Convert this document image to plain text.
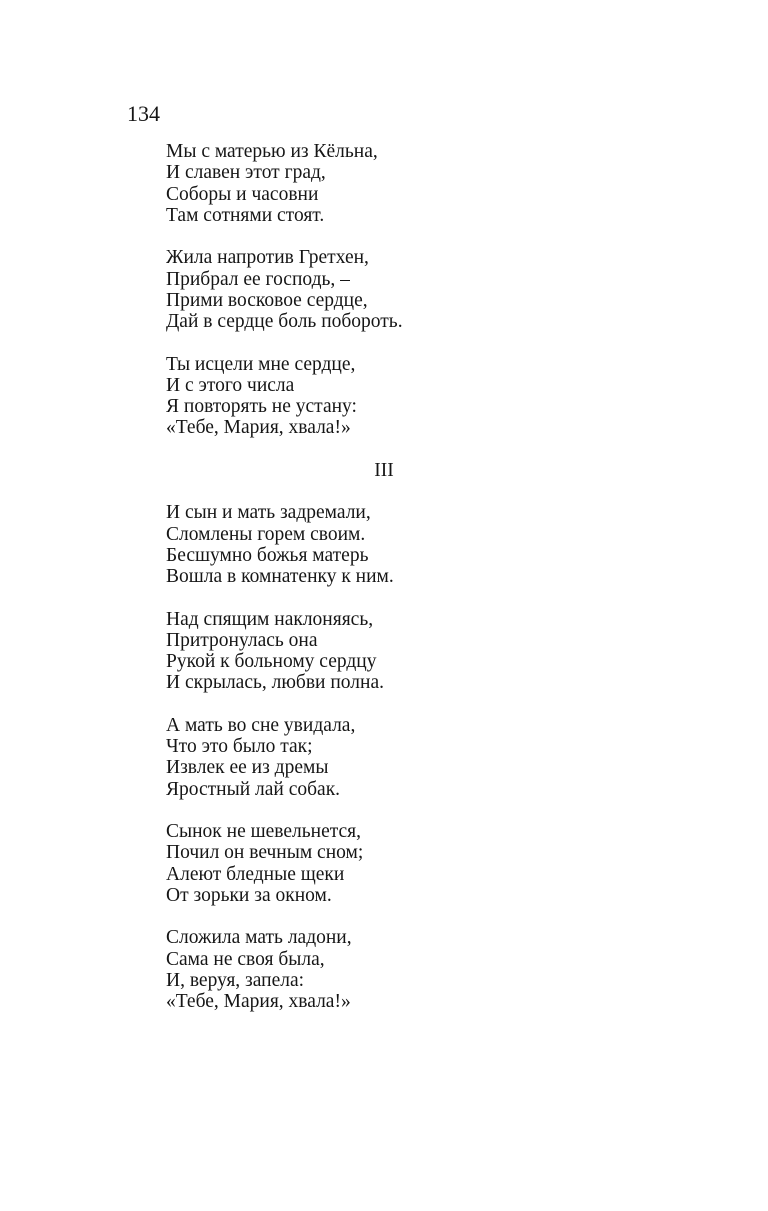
134
Мы с матерью из Кёльна,
И славен этот град,
Соборы и часовни
Там сотнями стоят.
Жила напротив Гретхен,
Прибрал ее господь, –
Прими восковое сердце,
Дай в сердце боль побороть.
Ты исцели мне сердце,
И с этого числа
Я повторять не устану:
«Тебе, Мария, хвала!»
III
И сын и мать задремали,
Сломлены горем своим.
Бесшумно божья матерь
Вошла в комнатенку к ним.
Над спящим наклоняясь,
Притронулась она
Рукой к больному сердцу
И скрылась, любви полна.
А мать во сне увидала,
Что это было так;
Извлек ее из дремы
Яростный лай собак.
Сынок не шевельнется,
Почил он вечным сном;
Алеют бледные щеки
От зорьки за окном.
Сложила мать ладони,
Сама не своя была,
И, веруя, запела:
«Тебе, Мария, хвала!»
